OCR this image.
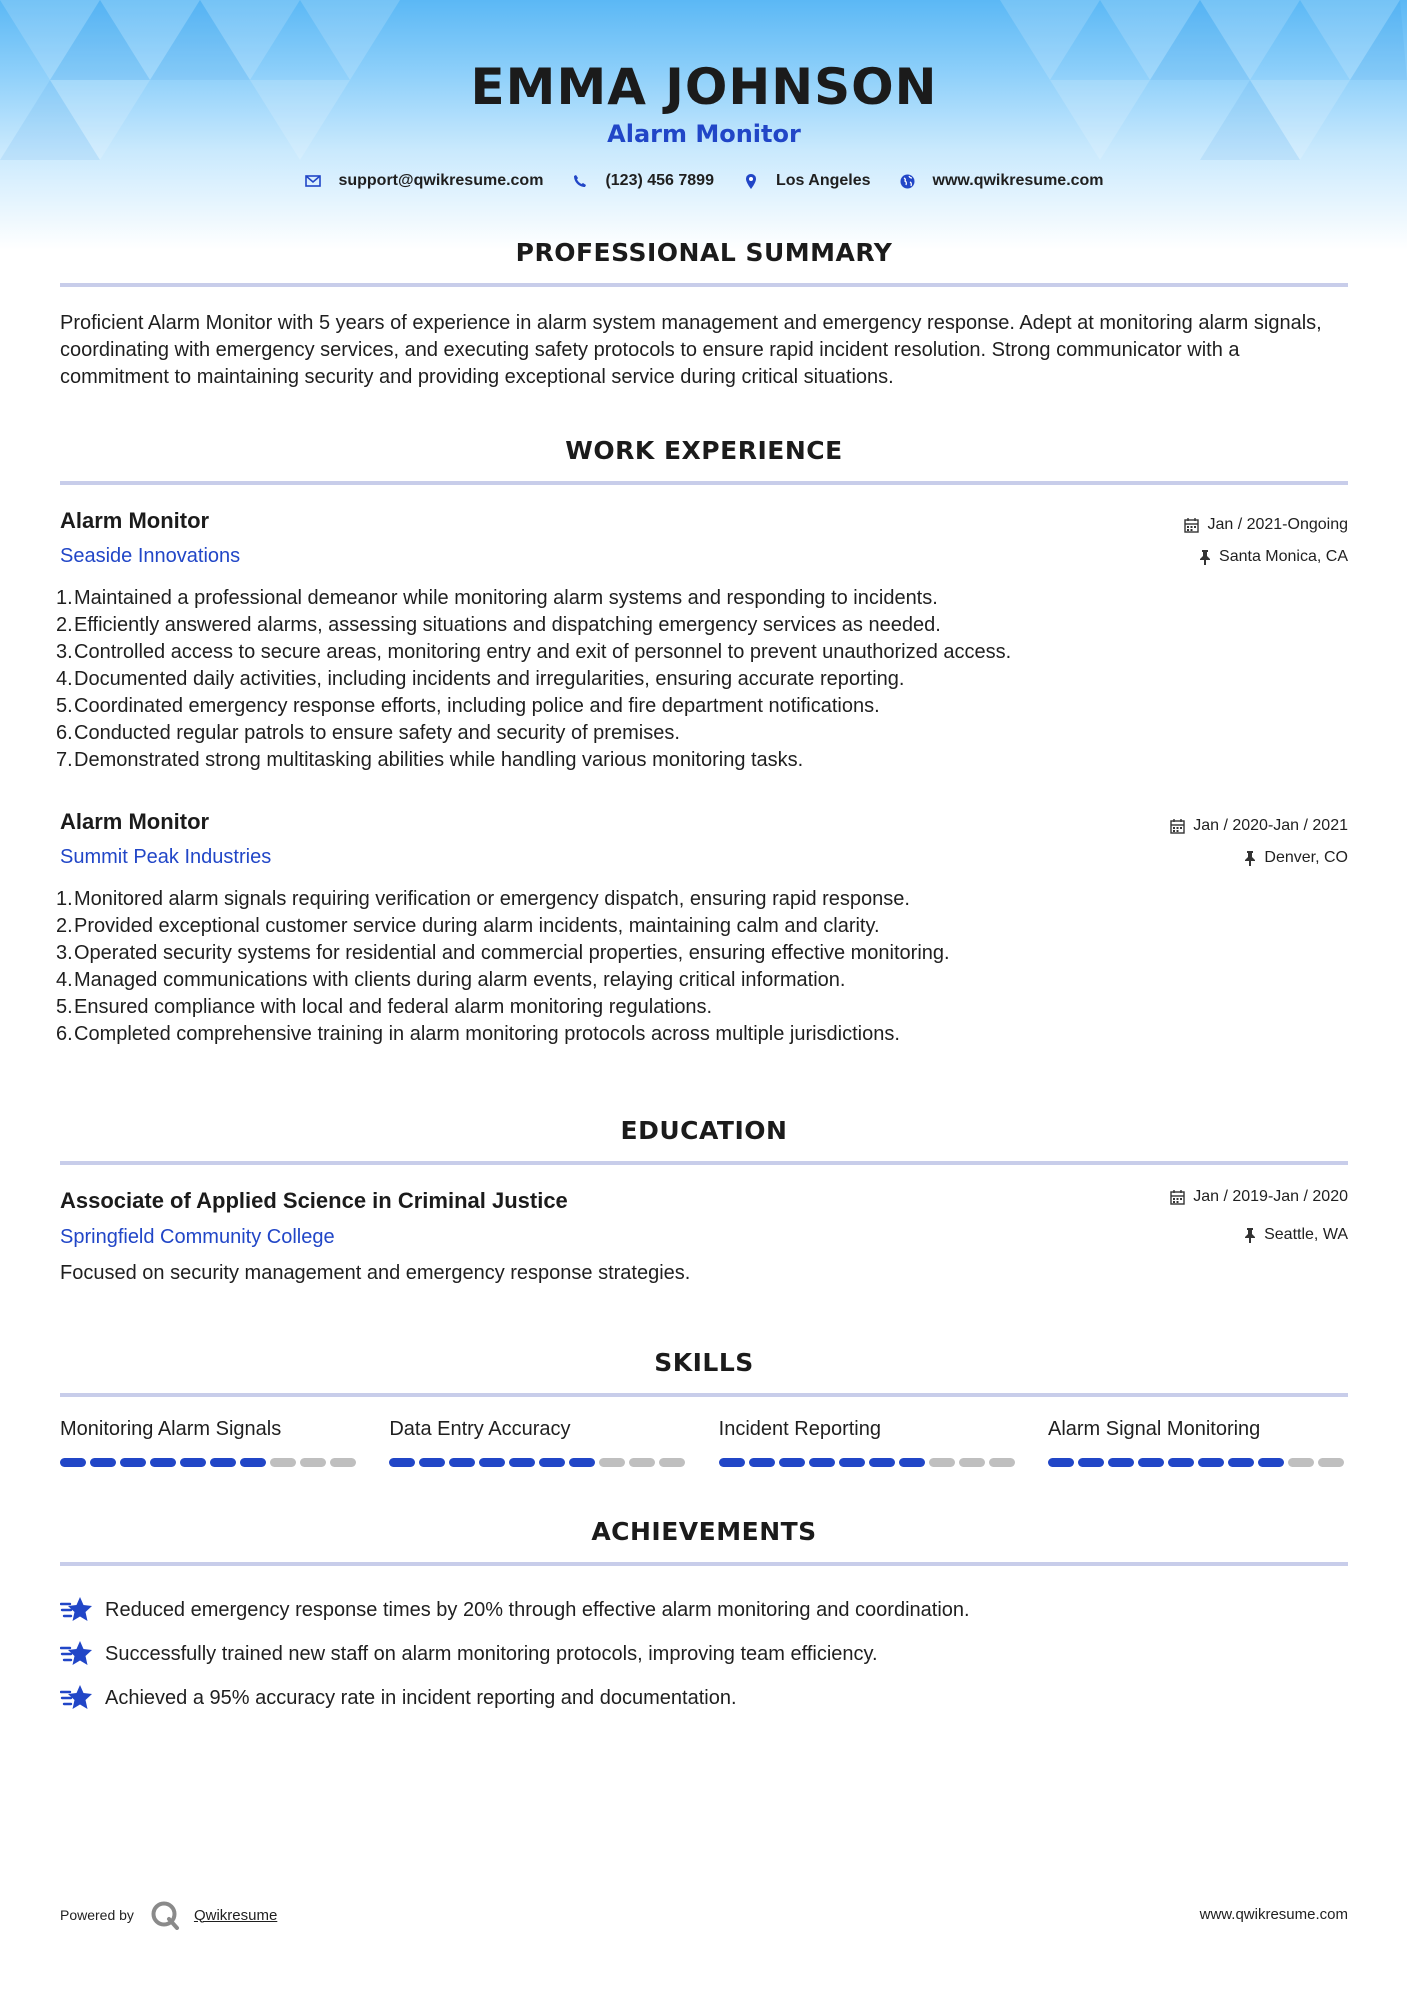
EMMA JOHNSON
Alarm Monitor
support@qwikresume.com	(123) 456 7899	Los Angeles	www.qwikresume.com
PROFESSIONAL SUMMARY

Proficient Alarm Monitor with 5 years of experience in alarm system management and emergency response. Adept at monitoring alarm signals, coordinating with emergency services, and executing safety protocols to ensure rapid incident resolution. Strong communicator with a commitment to maintaining security and providing exceptional service during critical situations.

WORK EXPERIENCE
Alarm Monitor
Seaside Innovations
Jan / 2021-Ongoing
Santa Monica, CA
1. Maintained a professional demeanor while monitoring alarm systems and responding to incidents.
2. Efficiently answered alarms, assessing situations and dispatching emergency services as needed.
3. Controlled access to secure areas, monitoring entry and exit of personnel to prevent unauthorized access.
4. Documented daily activities, including incidents and irregularities, ensuring accurate reporting.
5. Coordinated emergency response efforts, including police and fire department notifications.
6. Conducted regular patrols to ensure safety and security of premises.
7. Demonstrated strong multitasking abilities while handling various monitoring tasks.
Alarm Monitor
Summit Peak Industries
Jan / 2020-Jan / 2021
Denver, CO
1. Monitored alarm signals requiring verification or emergency dispatch, ensuring rapid response.
2. Provided exceptional customer service during alarm incidents, maintaining calm and clarity.
3. Operated security systems for residential and commercial properties, ensuring effective monitoring.
4. Managed communications with clients during alarm events, relaying critical information.
5. Ensured compliance with local and federal alarm monitoring regulations.
6. Completed comprehensive training in alarm monitoring protocols across multiple jurisdictions.
EDUCATION
Associate of Applied Science in Criminal Justice
Springfield Community College
Jan / 2019-Jan / 2020
Seattle, WA

Focused on security management and emergency response strategies.

SKILLS
Monitoring Alarm Signals	Data Entry Accuracy	Incident Reporting	Alarm Signal Monitoring
ACHIEVEMENTS
Reduced emergency response times by 20% through effective alarm monitoring and coordination.
Successfully trained new staff on alarm monitoring protocols, improving team efficiency.
Achieved a 95% accuracy rate in incident reporting and documentation.
Powered by	Qwikresume	www.qwikresume.com
